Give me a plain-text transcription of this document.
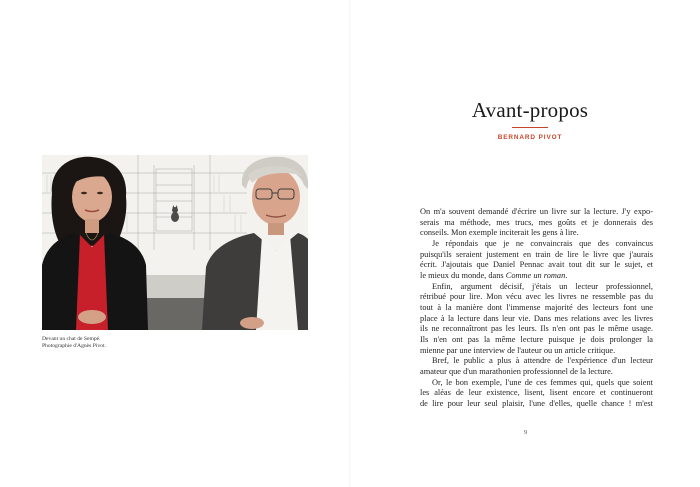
Devant un chat de Sempé.
Photographie d'Agnès Pivot.
Avant-propos
BERNARD PIVOT
On m'a souvent demandé d'écrire un livre sur la lecture. J'y expo-
serais ma méthode, mes trucs, mes goûts et je donnerais des
conseils. Mon exemple inciterait les gens à lire.
Je répondais que je ne convaincrais que des convaincus
puisqu'ils seraient justement en train de lire le livre que j'aurais
écrit. J'ajoutais que Daniel Pennac avait tout dit sur le sujet, et
le mieux du monde, dans Comme un roman.
Enfin, argument décisif, j'étais un lecteur professionnel,
rétribué pour lire. Mon vécu avec les livres ne ressemble pas du
tout à la manière dont l'immense majorité des lecteurs font une
place à la lecture dans leur vie. Dans mes relations avec les livres
ils ne reconnaîtront pas les leurs. Ils n'en ont pas le même usage.
Ils n'en ont pas la même lecture puisque je dois prolonger la
mienne par une interview de l'auteur ou un article critique.
Bref, le public a plus à attendre de l'expérience d'un lecteur
amateur que d'un marathonien professionnel de la lecture.
Or, le bon exemple, l'une de ces femmes qui, quels que soient
les aléas de leur existence, lisent, lisent encore et continueront
de lire pour leur seul plaisir, l'une d'elles, quelle chance ! m'est
9
